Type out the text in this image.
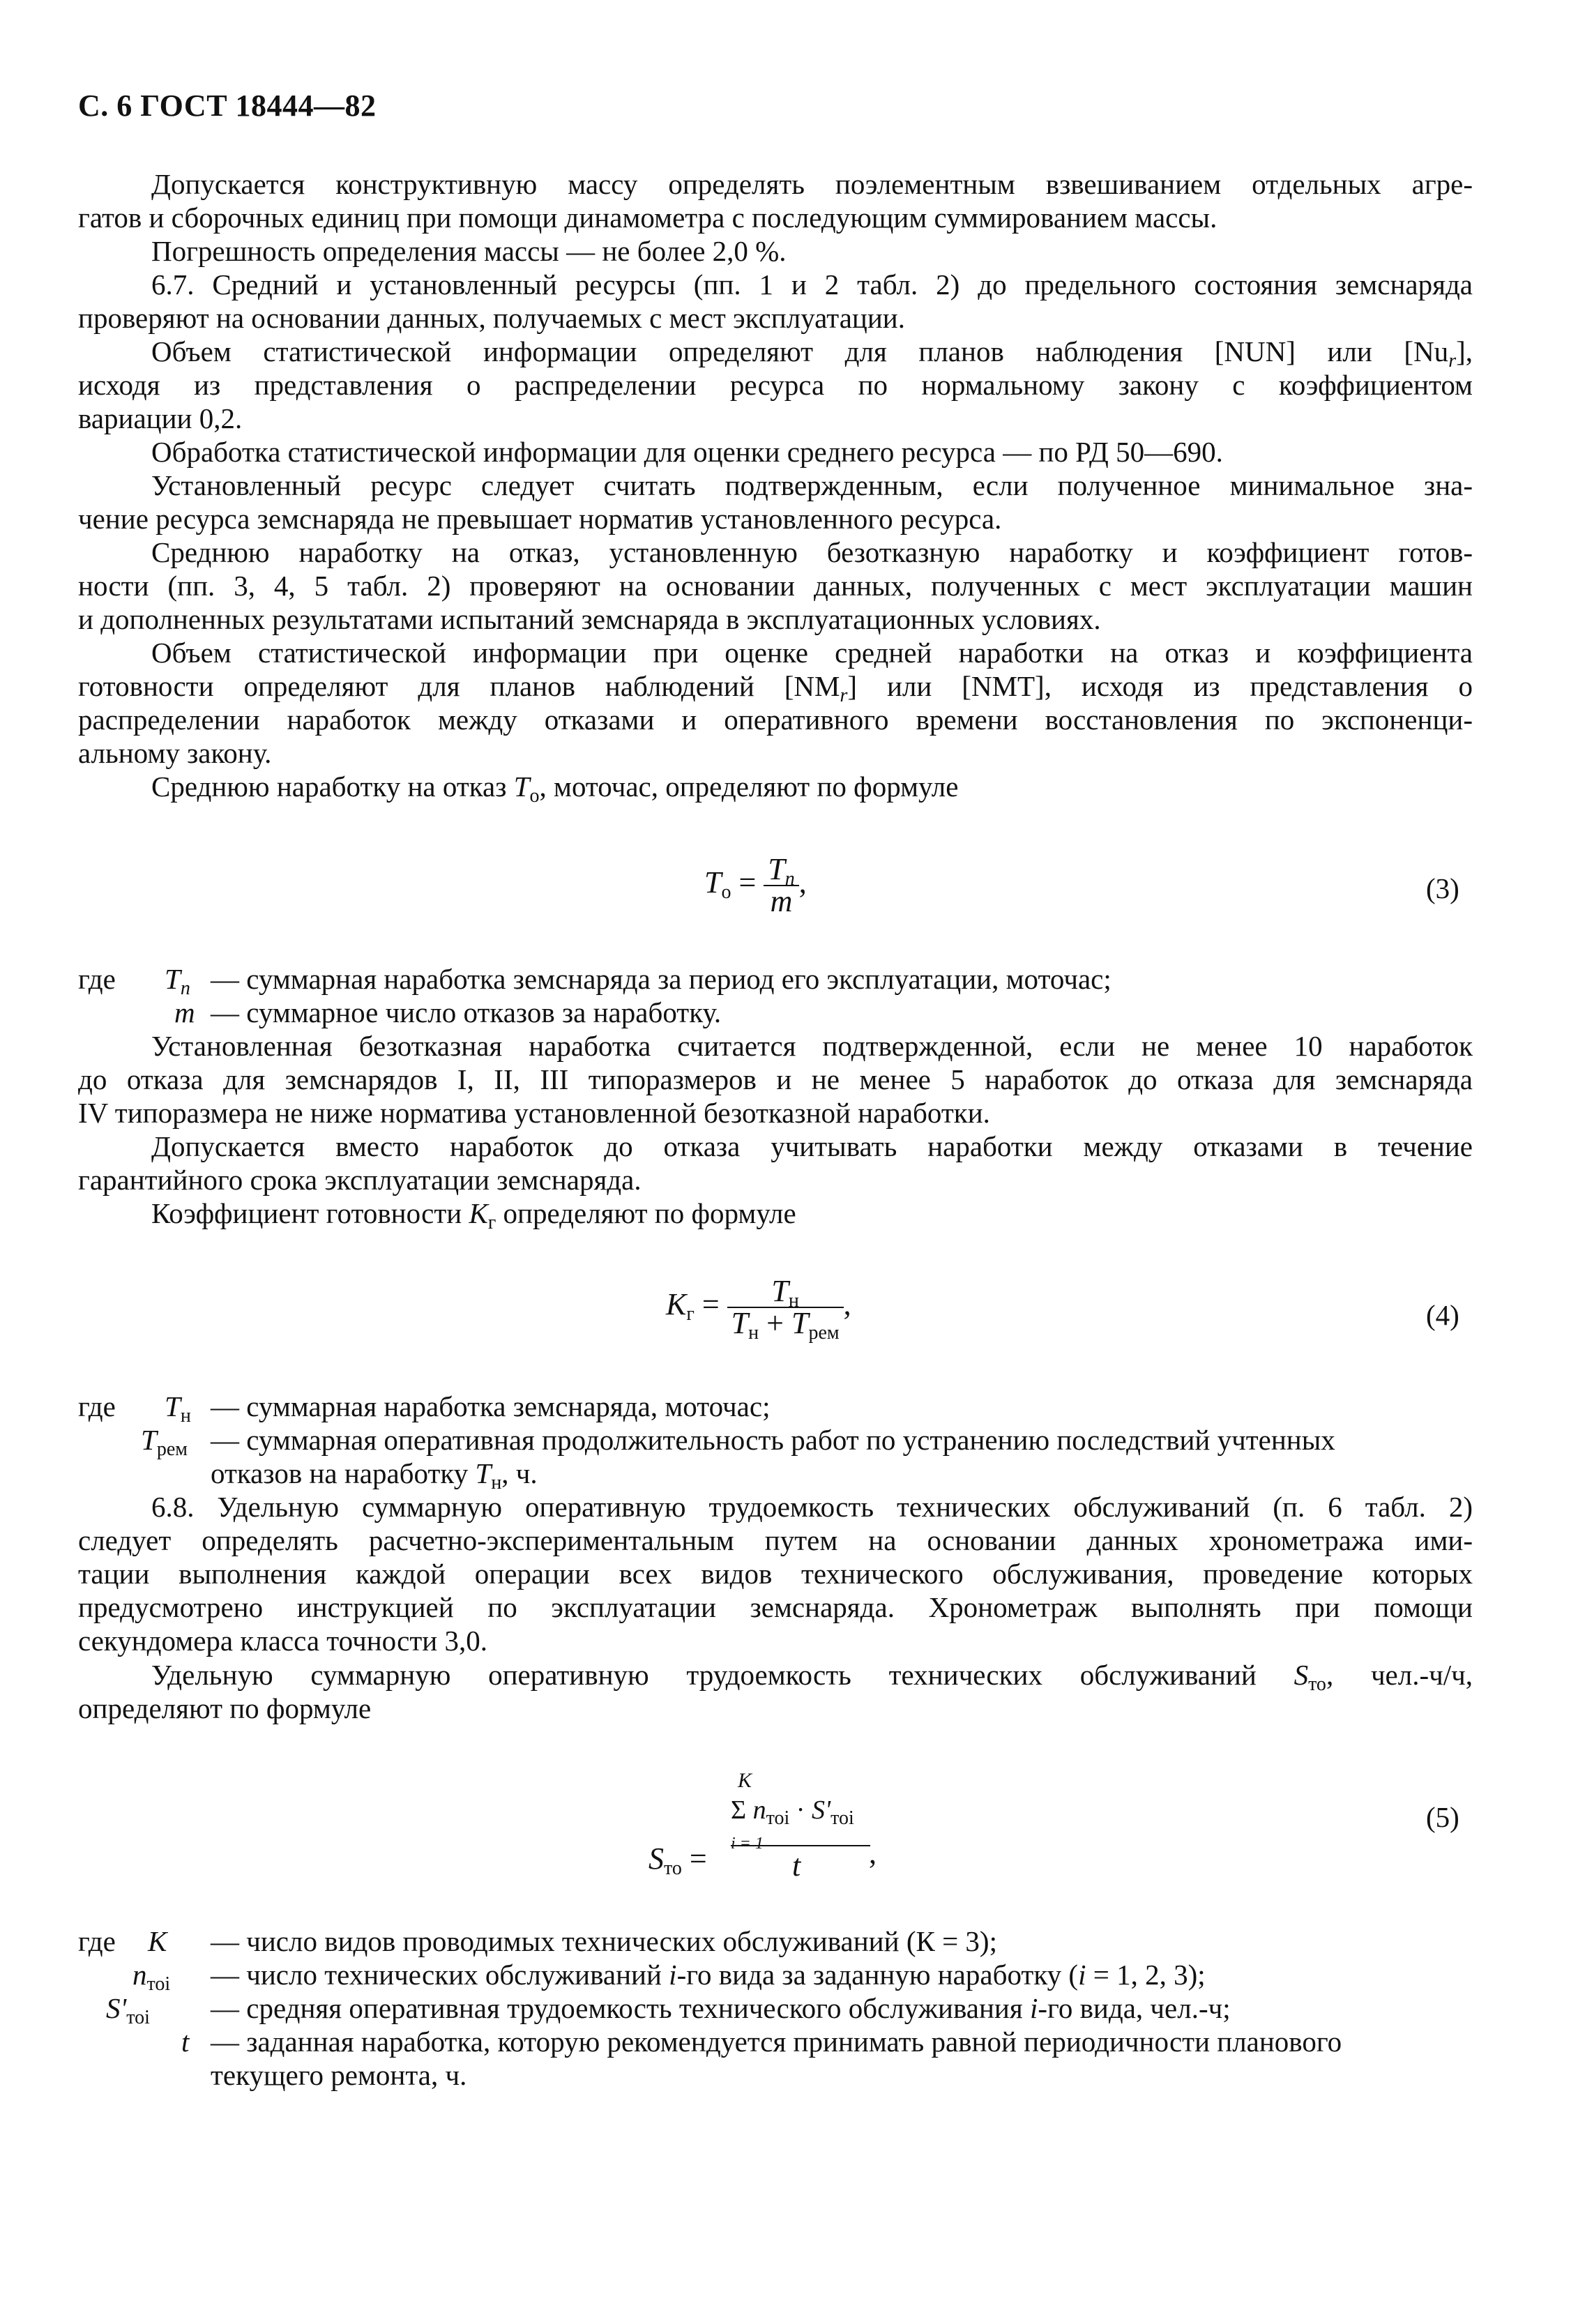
С. 6 ГОСТ 18444—82

Допускается конструктивную массу определять поэлементным взвешиванием отдельных агре-

гатов и сборочных единиц при помощи динамометра с последующим суммированием массы.

Погрешность определения массы — не более 2,0 %.

6.7. Средний и установленный ресурсы (пп. 1 и 2 табл. 2) до предельного состояния земснаряда

проверяют на основании данных, получаемых с мест эксплуатации.

Объем статистической информации определяют для планов наблюдения [NUN] или $[Nu_r]$,

исходя из представления о распределении ресурса по нормальному закону с коэффициентом

вариации 0,2.

Обработка статистической информации для оценки среднего ресурса — по РД 50—690.

Установленный ресурс следует считать подтвержденным, если полученное минимальное зна-

чение ресурса земснаряда не превышает норматив установленного ресурса.

Среднюю наработку на отказ, установленную безотказную наработку и коэффициент готов-

ности (пп. 3, 4, 5 табл. 2) проверяют на основании данных, полученных с мест эксплуатации машин

и дополненных результатами испытаний земснаряда в эксплуатационных условиях.

Объем статистической информации при оценке средней наработки на отказ и коэффициента

готовности определяют для планов наблюдений $[NM_r]$ или [NMT], исходя из представления о

распределении наработок между отказами и оперативного времени восстановления по экспоненци-

альному закону.

Среднюю наработку на отказ $T_о$, моточас, определяют по формуле

$T_о = \frac{T_n}{m}$ ,	(3)
где $T_n$ — суммарная наработка земснаряда за период его эксплуатации, моточас;
m — суммарное число отказов за наработку.

Установленная безотказная наработка считается подтвержденной, если не менее 10 наработок

до отказа для земснарядов I, II, III типоразмеров и не менее 5 наработок до отказа для земснаряда

IV типоразмера не ниже норматива установленной безотказной наработки.

Допускается вместо наработок до отказа учитывать наработки между отказами в течение

гарантийного срока эксплуатации земснаряда.

Коэффициент готовности $K_г$ определяют по формуле

$K_г = \frac{T_н}{T_н + T_{рем}}$ ,	(4)
где $T_н$ — суммарная наработка земснаряда, моточас;
$T_{рем}$ — суммарная оперативная продолжительность работ по устранению последствий учтенных
отказов на наработку $T_н$, ч.

6.8. Удельную суммарную оперативную трудоемкость технических обслуживаний (п. 6 табл. 2)

следует определять расчетно-экспериментальным путем на основании данных хронометража ими-

тации выполнения каждой операции всех видов технического обслуживания, проведение которых

предусмотрено инструкцией по эксплуатации земснаряда. Хронометраж выполнять при помощи

секундомера класса точности 3,0.

Удельную суммарную оперативную трудоемкость технических обслуживаний $S_{то}$, чел.-ч/ч,

определяют по формуле

$S_{то}$ =
K
Σ $n_{тоi} \cdot S'_{тоi}$
i = 1
t ,
(5)
где K — число видов проводимых технических обслуживаний (К = 3);
$n_{тоi}$ — число технических обслуживаний i-го вида за заданную наработку (i = 1, 2, 3);
$S'_{тоi}$ — средняя оперативная трудоемкость технического обслуживания i-го вида, чел.-ч;
t — заданная наработка, которую рекомендуется принимать равной периодичности планового
текущего ремонта, ч.
